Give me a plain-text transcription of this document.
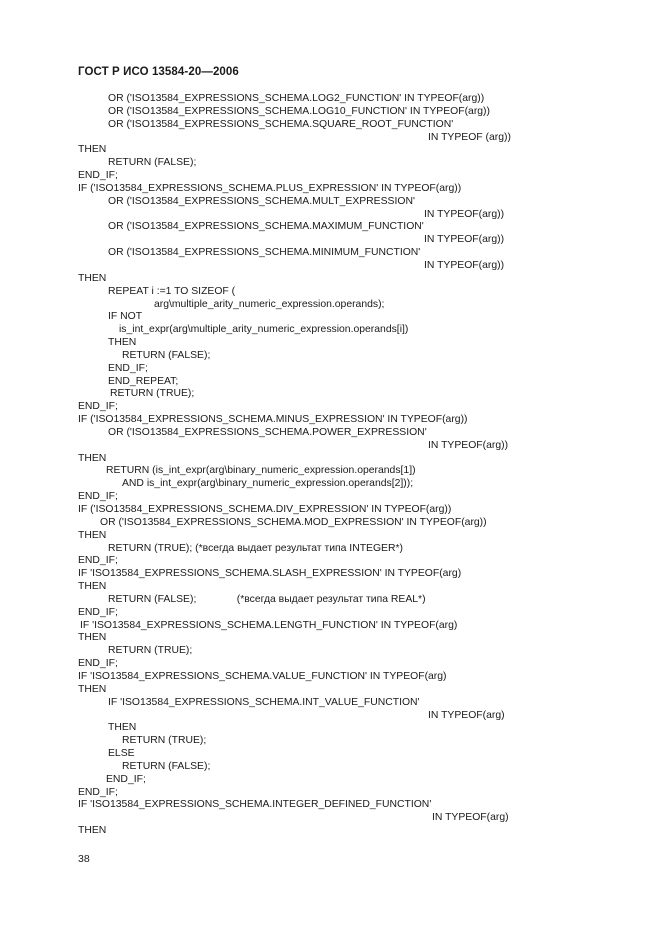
ГОСТ Р ИСО 13584-20—2006
OR ('ISO13584_EXPRESSIONS_SCHEMA.LOG2_FUNCTION' IN TYPEOF(arg))
OR ('ISO13584_EXPRESSIONS_SCHEMA.LOG10_FUNCTION' IN TYPEOF(arg))
OR ('ISO13584_EXPRESSIONS_SCHEMA.SQUARE_ROOT_FUNCTION'
IN TYPEOF (arg))
THEN
RETURN (FALSE);
END_IF;
IF ('ISO13584_EXPRESSIONS_SCHEMA.PLUS_EXPRESSION' IN TYPEOF(arg))
OR ('ISO13584_EXPRESSIONS_SCHEMA.MULT_EXPRESSION'
IN TYPEOF(arg))
OR ('ISO13584_EXPRESSIONS_SCHEMA.MAXIMUM_FUNCTION'
IN TYPEOF(arg))
OR ('ISO13584_EXPRESSIONS_SCHEMA.MINIMUM_FUNCTION'
IN TYPEOF(arg))
THEN
REPEAT i :=1 TO SIZEOF (
arg\multiple_arity_numeric_expression.operands);
IF NOT
is_int_expr(arg\multiple_arity_numeric_expression.operands[i])
THEN
RETURN (FALSE);
END_IF;
END_REPEAT;
RETURN (TRUE);
END_IF;
IF ('ISO13584_EXPRESSIONS_SCHEMA.MINUS_EXPRESSION' IN TYPEOF(arg))
OR ('ISO13584_EXPRESSIONS_SCHEMA.POWER_EXPRESSION'
IN TYPEOF(arg))
THEN
RETURN (is_int_expr(arg\binary_numeric_expression.operands[1])
AND is_int_expr(arg\binary_numeric_expression.operands[2]));
END_IF;
IF ('ISO13584_EXPRESSIONS_SCHEMA.DIV_EXPRESSION' IN TYPEOF(arg))
OR ('ISO13584_EXPRESSIONS_SCHEMA.MOD_EXPRESSION' IN TYPEOF(arg))
THEN
RETURN (TRUE); (*всегда выдает результат типа INTEGER*)
END_IF;
IF 'ISO13584_EXPRESSIONS_SCHEMA.SLASH_EXPRESSION' IN TYPEOF(arg)
THEN
RETURN (FALSE);              (*всегда выдает результат типа REAL*)
END_IF;
IF 'ISO13584_EXPRESSIONS_SCHEMA.LENGTH_FUNCTION' IN TYPEOF(arg)
THEN
RETURN (TRUE);
END_IF;
IF 'ISO13584_EXPRESSIONS_SCHEMA.VALUE_FUNCTION' IN TYPEOF(arg)
THEN
IF 'ISO13584_EXPRESSIONS_SCHEMA.INT_VALUE_FUNCTION'
IN TYPEOF(arg)
THEN
RETURN (TRUE);
ELSE
RETURN (FALSE);
END_IF;
END_IF;
IF 'ISO13584_EXPRESSIONS_SCHEMA.INTEGER_DEFINED_FUNCTION'
IN TYPEOF(arg)
THEN
38
